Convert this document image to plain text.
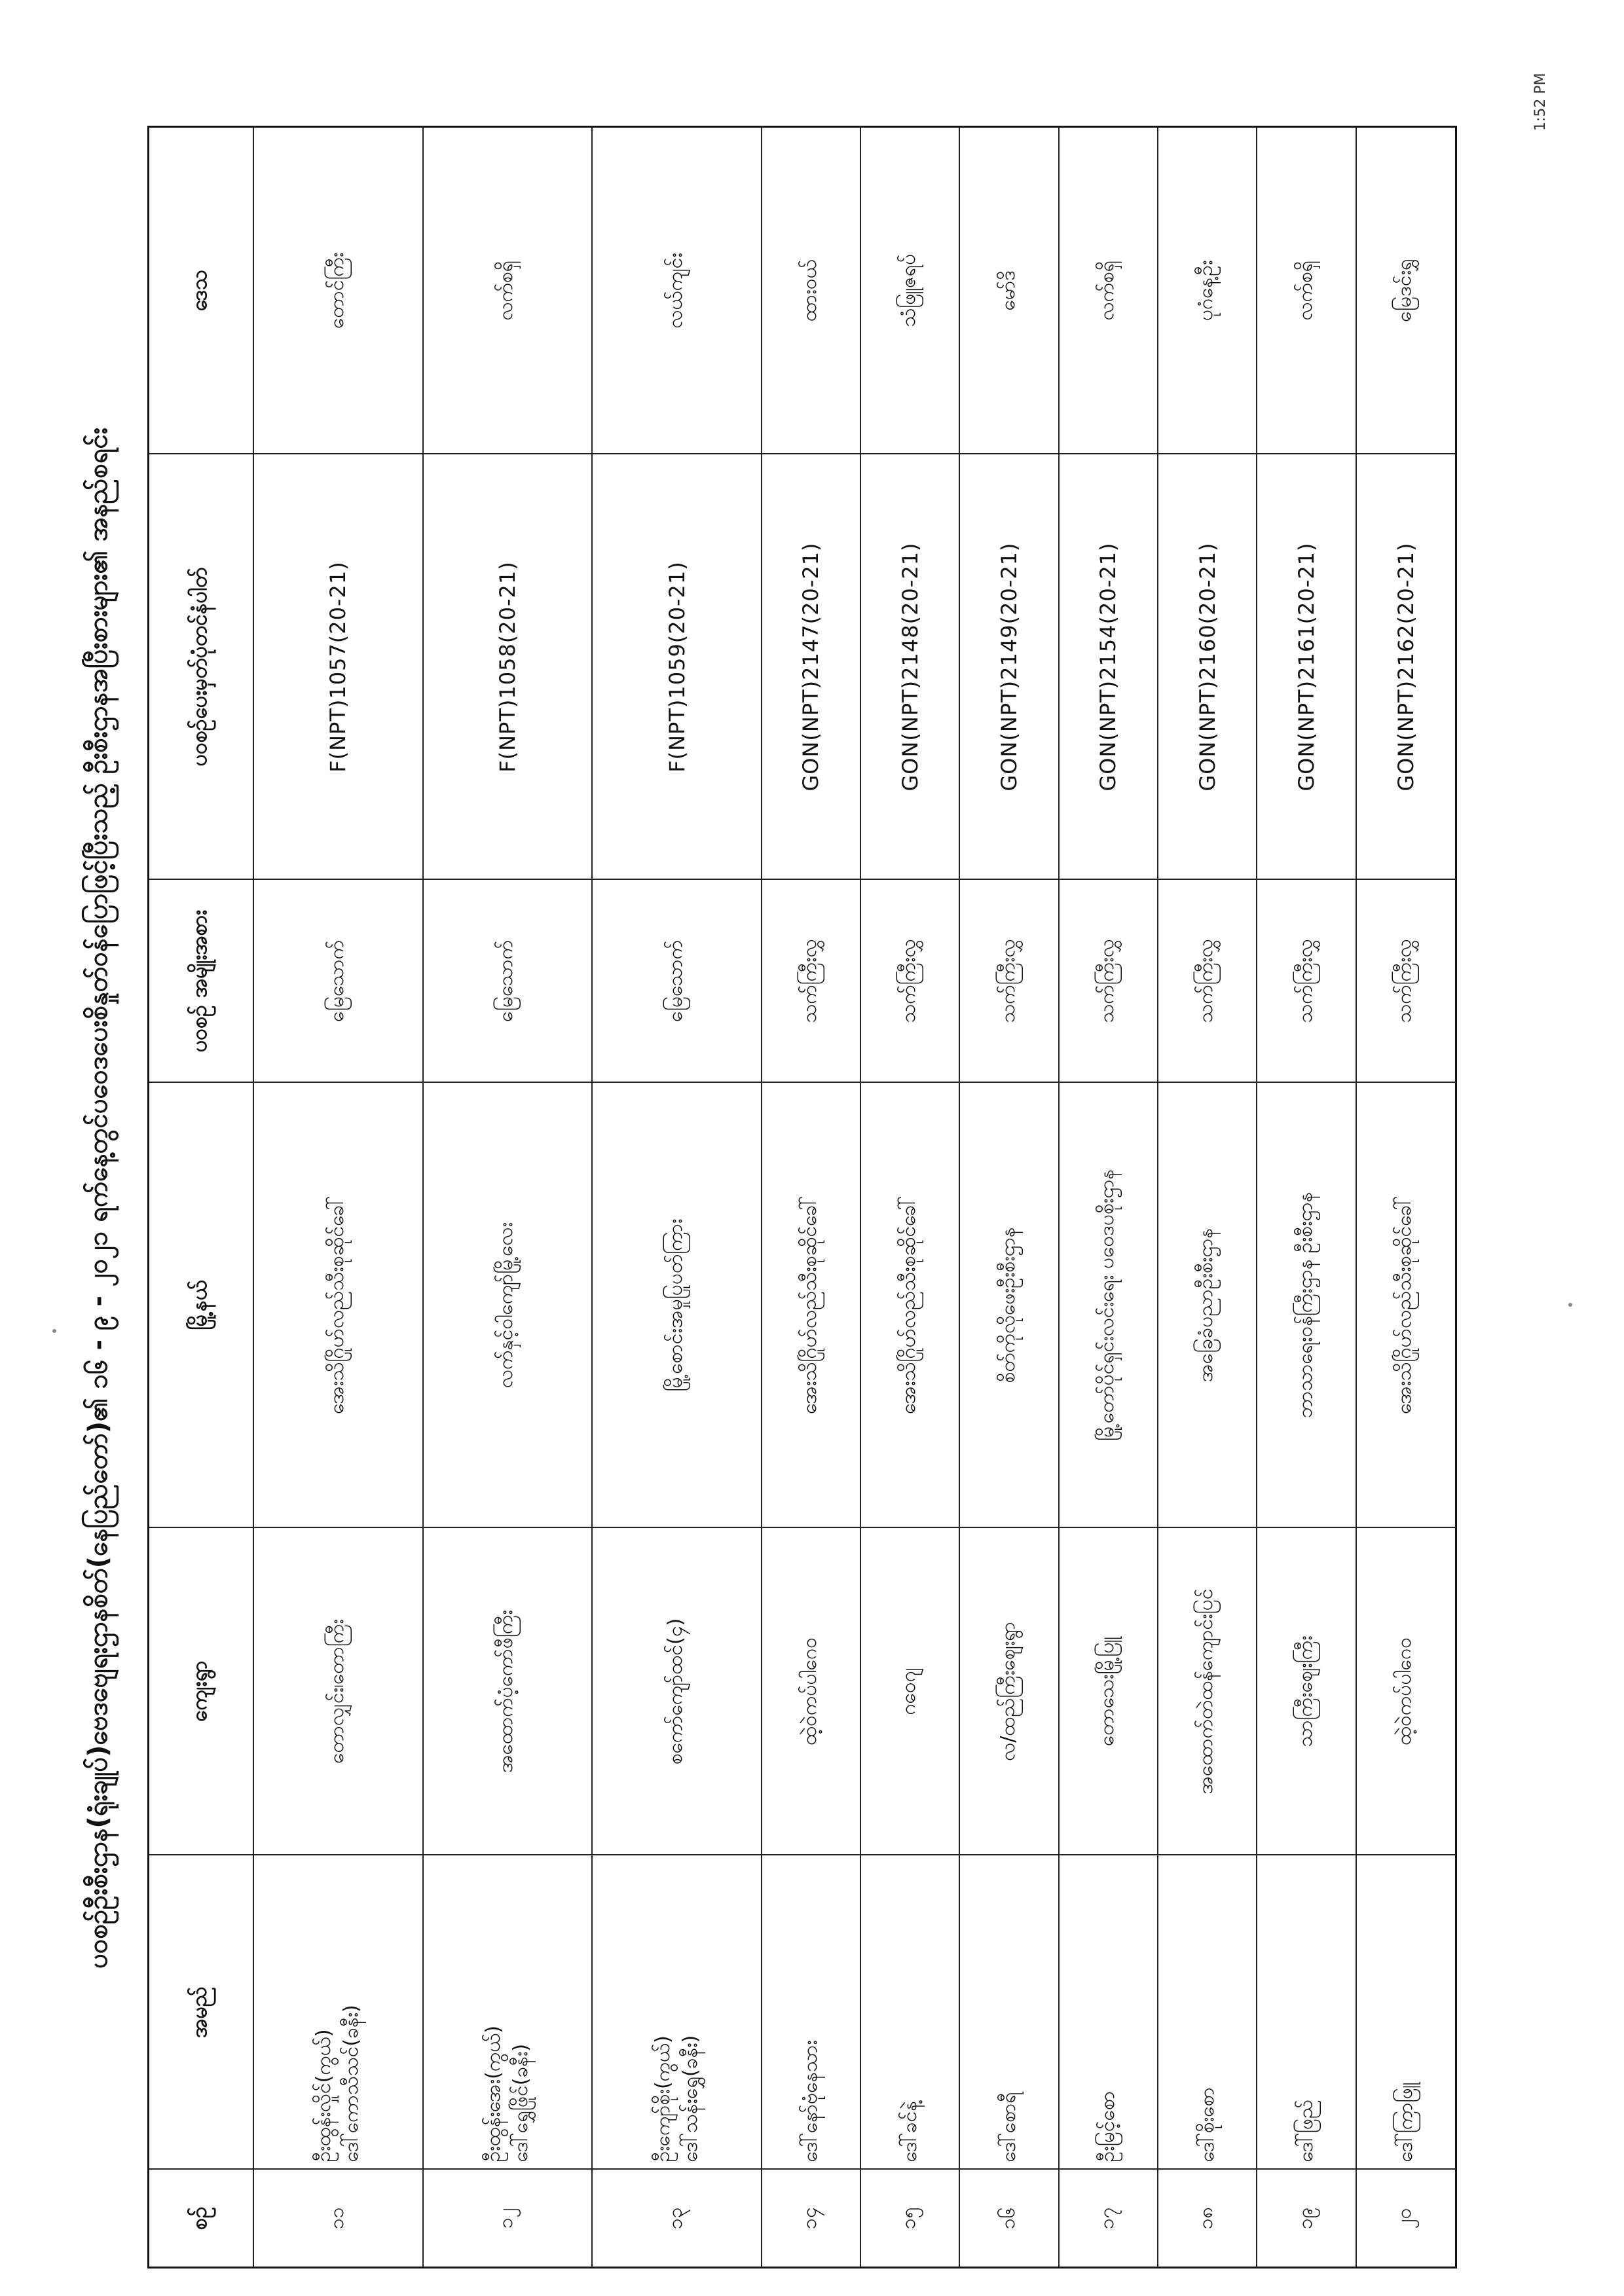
1:52 PM
ပဝစဉ်ဦးစီးဌာန(ရုံးချုပ်)ဗေဒဗျေရးဌာနစိတ်(နေပြည်တော်)၏ ၁၆ - ၉ - ၂၀၂၁ ရက်နေ့တွင်ပဝေဒပေးစိနှုတ်ဝန်ပြောဖြင့်ပြီးသည့် ဦးစီးဌာနအပြီးစားများ၏ အနည်စရင်း
စဉ်	အမည်	ကျေးရွာ	မြို့နယ်	ပဝစဉ် အမျိုးအစား	ပဝစဉ်ပေးမှတ်ပုံတင်နံပါတ်	ဒေသ
၁၁	ဦးထွန်းလှိုင်(ကွယ်) ဒေါ်ကောသီသင်(ခနီး)	တောလျှင်း၊တောကြီး	အေးသိဂြိုဟ်လည်သီးစုဆိုင်ခေါ်	မြေသောက်	F(NPT)1057(20-21)	တောင်ကြီး
၁၂	ဦးထွန်းအေး(ကွယ်) ဒေါ်ရွှေဖြိုင်(ခနီး)	အထောက်ပံ့ကော်ဖီကြီး	လက်နှင့်ဝါကျော်မြို့လေး	မြေသောက်	F(NPT)1058(20-21)	လက်စရှိ
၁၃	ဦးကျော်စိုး(ကွယ်) ဒေါ်သန်းရွှေ(ခနီး)	စကော်ကျော်ထင်(၄)	မြို့စောင်းအမှုပြုပတ်ကြား	မြေသောက်	F(NPT)1059(20-21)	လယ်ကျင်း
၁၄	ဒေါ်နော်ဗုံနေသား	ထဲ့ဝဲကပ်ပါဂေဝ	အေးသိဂြိုဟ်လည်သီးစုဆိုင်ခေါ်	သက်ကြီးလွှ	GON(NPT)2147(20-21)	ထားဝယ်
၁၅	ဒေါ်ခင်နဲ့	ဂဝေဂျ	အေးသိဂြိုဟ်လည်သီးစုဆိုင်ခေါ်	သက်ကြီးလွှ	GON(NPT)2148(20-21)	သံဖြူဇရပ်
၁၆	ဒေါ်စောရီ	လ/ထည်ကြီးဈေးရွာ	စိတ်ကိုလိုဖေးဦးစီးဌာန	သက်ကြီးလွှ	GON(NPT)2149(20-21)	မော်ဒိ
၁၇	ဦးမြင့်စော	တောသေးမြို့ပြူ	မြို့တော်ပိုင်ရှင်းလင်းရေး ပဝေဒပစိုးဌာန	သက်ကြီးလွှ	GON(NPT)2154(20-21)	လက်စရှိ
၁၈	ဒေါ်စိုးစော	အထောက်တဲထန်ကျောင်းပြင်	အခြေခံပညာဦးစီးဌာန	သက်ကြီးလွှ	GON(NPT)2160(20-21)	ပုဂံနေ့ဦး
၁၉	ဒေါ်ဖြည်	သာကြီးဈေးကြီး	ဘာသာရေးဝန်ကြီးဌာန ဦးစီးဌာန	သက်ကြီးလွှ	GON(NPT)2161(20-21)	လက်စရှိ
၂၀	ဒေါ်ကြာဖြူ	ထဲ့ဝဲကပ်ပါဂေဝ	အေးသိဂြိုဟ်လည်သီးစုဆိုင်ခေါ်	သက်ကြီးလွှ	GON(NPT)2162(20-21)	မြေဒင်းရွှ
